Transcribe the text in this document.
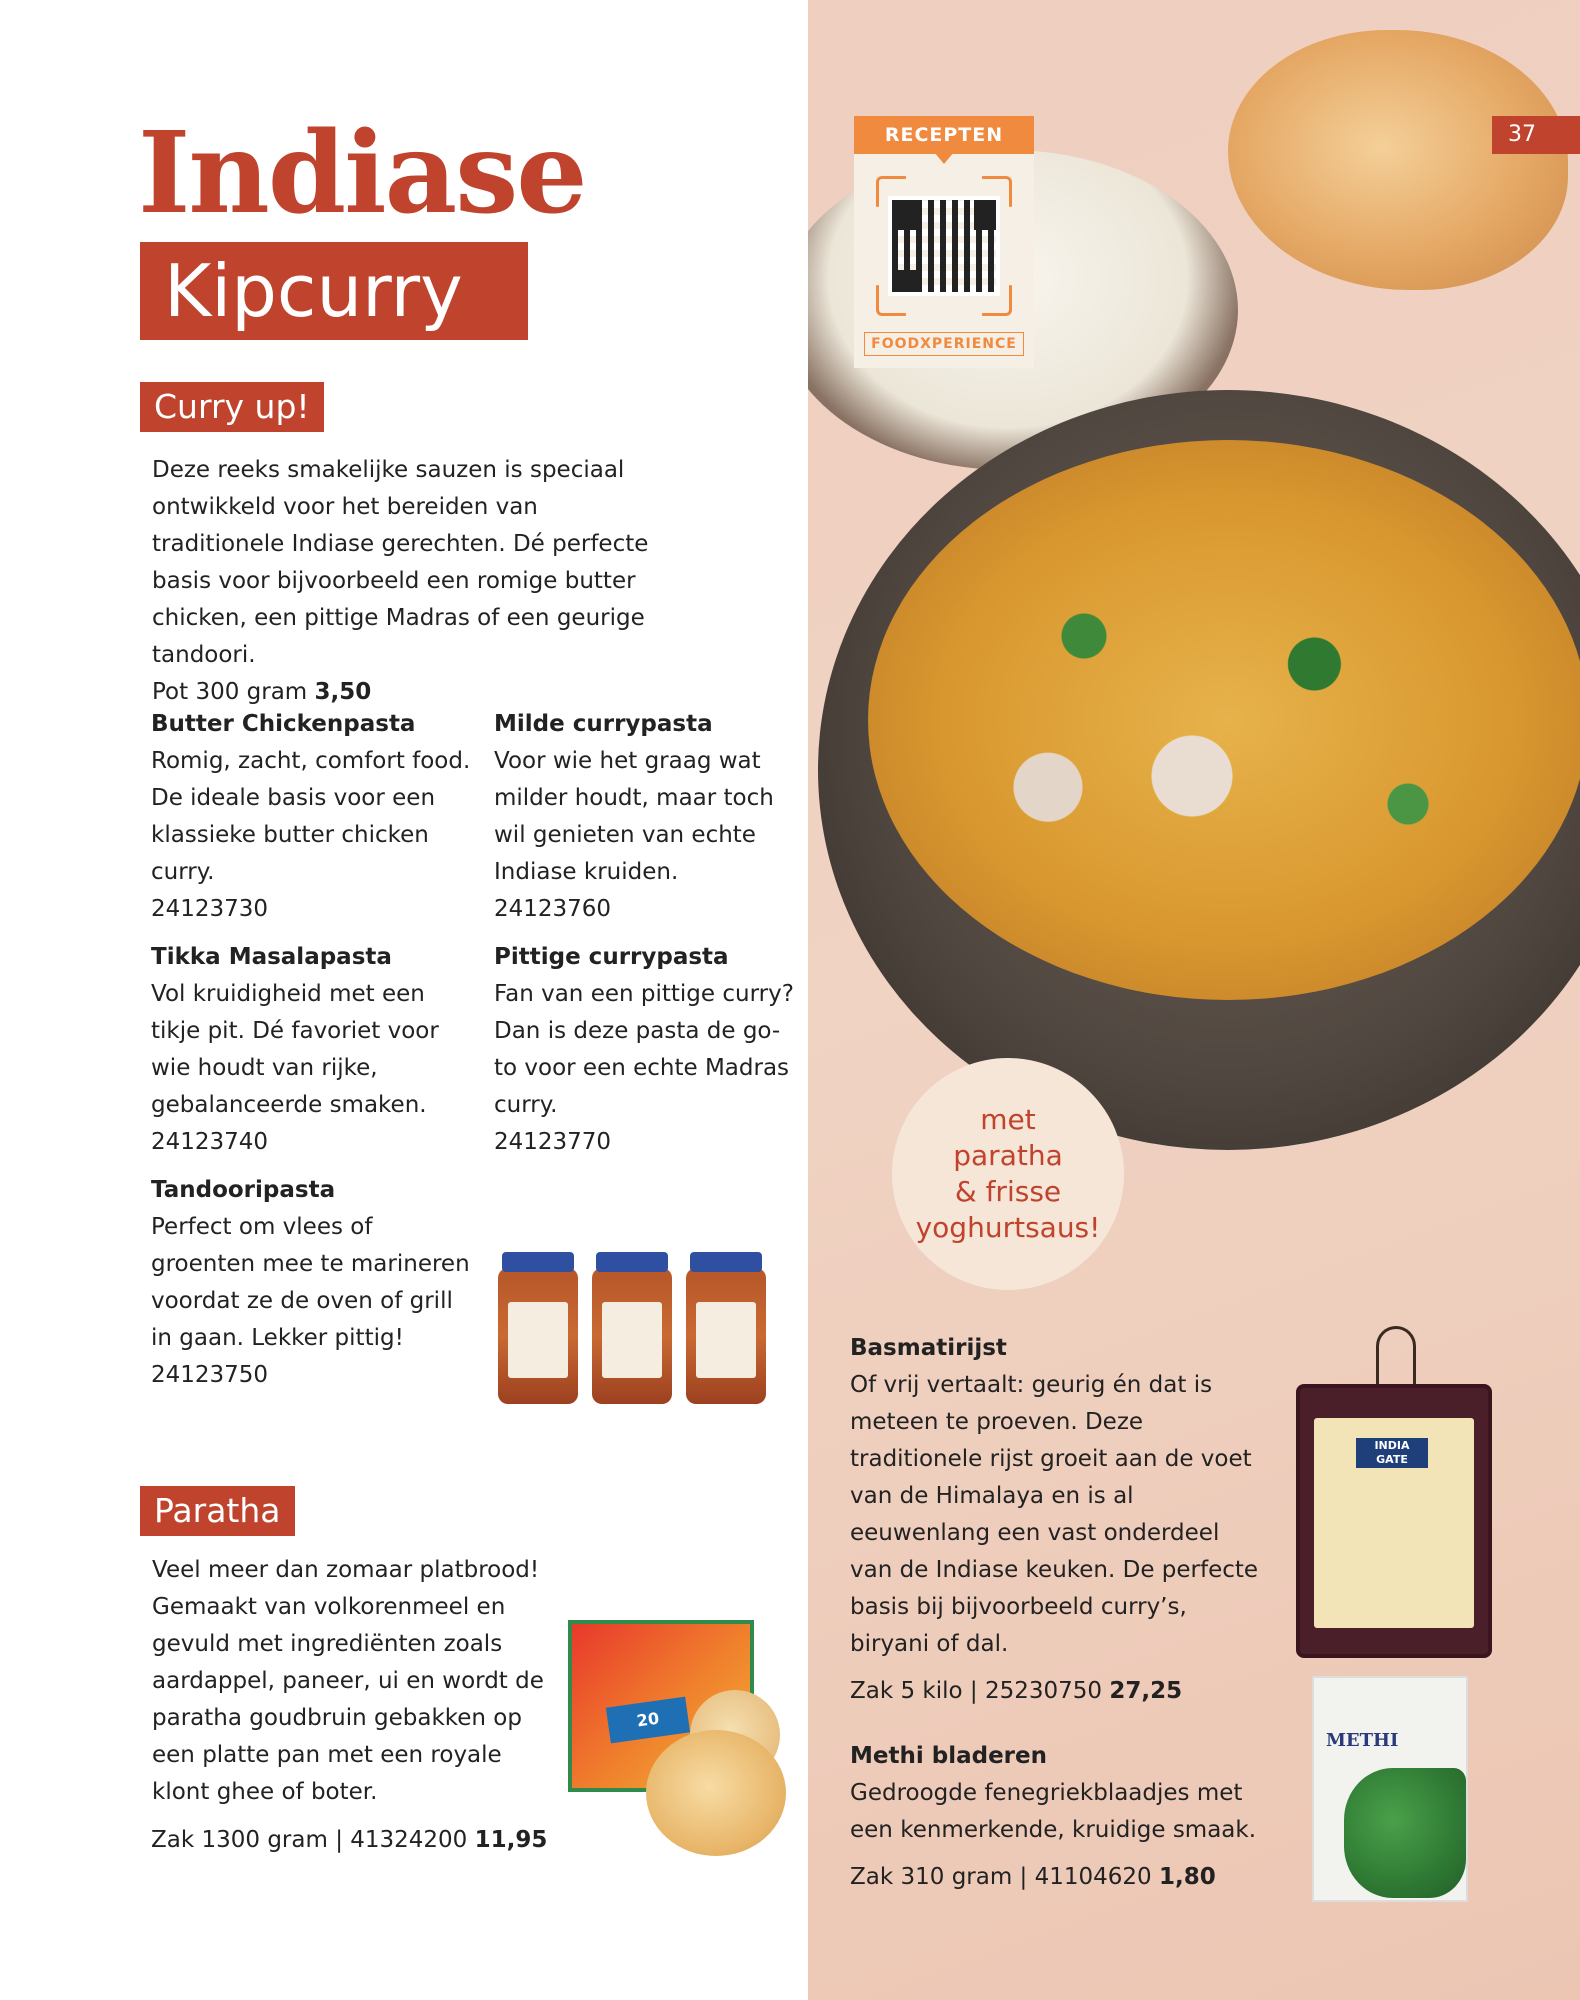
Indiase
Kipcurry
Curry up!

Deze reeks smakelijke sauzen is speciaal ontwikkeld voor het bereiden van traditionele Indiase gerechten. Dé perfecte basis voor bijvoorbeeld een romige butter chicken, een pittige Madras of een geurige tandoori.
Pot 300 gram 3,50

Butter Chickenpasta
Romig, zacht, comfort food. De ideale basis voor een klassieke butter chicken curry.
24123730
Milde currypasta
Voor wie het graag wat milder houdt, maar toch wil genieten van echte Indiase kruiden.
24123760
Tikka Masalapasta
Vol kruidigheid met een tikje pit. Dé favoriet voor wie houdt van rijke, gebalanceerde smaken.
24123740
Pittige currypasta
Fan van een pittige curry? Dan is deze pasta de go-to voor een echte Madras curry.
24123770
Tandooripasta
Perfect om vlees of groenten mee te marineren voordat ze de oven of grill in gaan. Lekker pittig!
24123750
Paratha

Veel meer dan zomaar platbrood! Gemaakt van volkorenmeel en gevuld met ingrediënten zoals aardappel, paneer, ui en wordt de paratha goudbruin gebakken op een platte pan met een royale klont ghee of boter.

Zak 1300 gram | 41324200 11,95

20
RECEPTEN
FOODXPERIENCE
37
met
paratha
& frisse
yoghurtsaus!
Basmatirijst
Of vrij vertaalt: geurig én dat is meteen te proeven. Deze traditionele rijst groeit aan de voet van de Himalaya en is al eeuwenlang een vast onderdeel van de Indiase keuken. De perfecte basis bij bijvoorbeeld curry’s, biryani of dal.
Zak 5 kilo | 25230750 27,25
INDIA
GATE
Methi bladeren
Gedroogde fenegriekblaadjes met een kenmerkende, kruidige smaak.
Zak 310 gram | 41104620 1,80
METHI
